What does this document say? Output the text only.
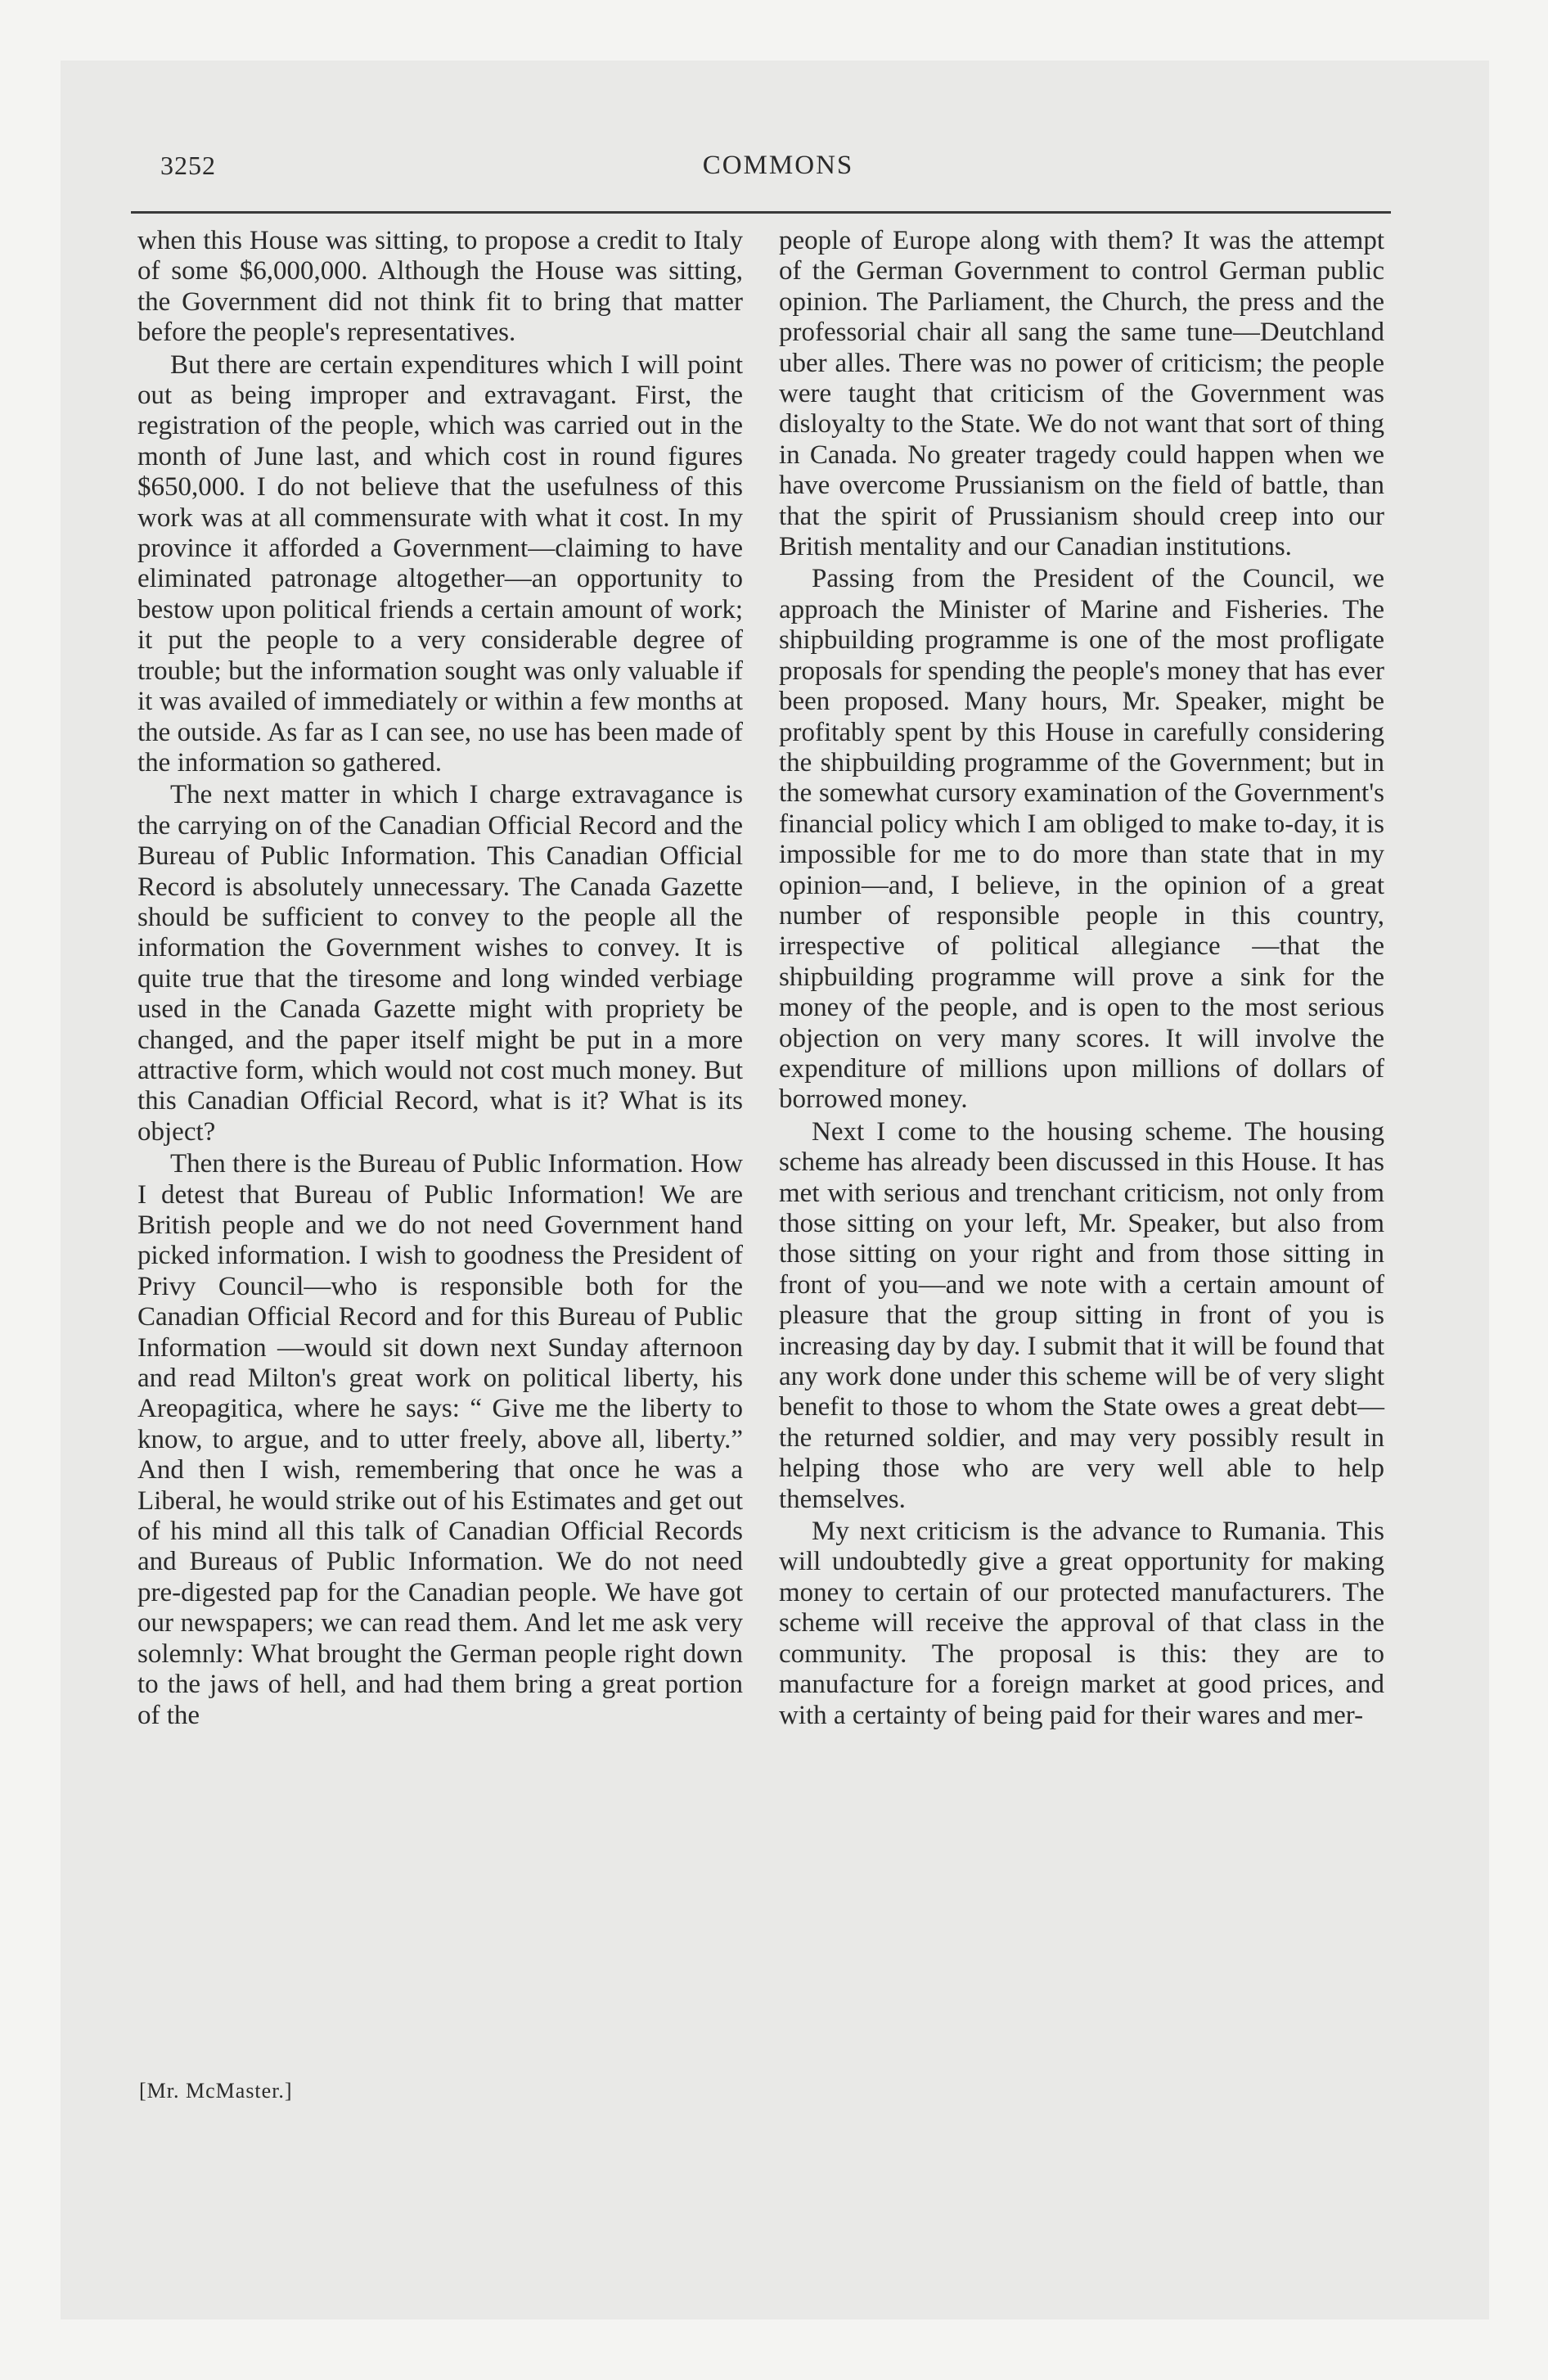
3252	COMMONS

when this House was sitting, to propose a credit to Italy of some $6,000,000. Although the House was sitting, the Government did not think fit to bring that matter before the people's representatives.

But there are certain expenditures which I will point out as being improper and extravagant. First, the registration of the people, which was carried out in the month of June last, and which cost in round figures $650,000. I do not believe that the usefulness of this work was at all commensurate with what it cost. In my province it afforded a Government—claiming to have eliminated patronage altogether—an opportunity to bestow upon political friends a certain amount of work; it put the people to a very considerable degree of trouble; but the information sought was only valuable if it was availed of immediately or within a few months at the outside. As far as I can see, no use has been made of the information so gathered.

The next matter in which I charge extravagance is the carrying on of the Canadian Official Record and the Bureau of Public Information. This Canadian Official Record is absolutely unnecessary. The Canada Gazette should be sufficient to convey to the people all the information the Government wishes to convey. It is quite true that the tiresome and long winded verbiage used in the Canada Gazette might with propriety be changed, and the paper itself might be put in a more attractive form, which would not cost much money. But this Canadian Official Record, what is it? What is its object?

Then there is the Bureau of Public Information. How I detest that Bureau of Public Information! We are British people and we do not need Government hand picked information. I wish to goodness the President of Privy Council—who is responsible both for the Canadian Official Record and for this Bureau of Public Information —would sit down next Sunday afternoon and read Milton's great work on political liberty, his Areopagitica, where he says: “ Give me the liberty to know, to argue, and to utter freely, above all, liberty.” And then I wish, remembering that once he was a Liberal, he would strike out of his Estimates and get out of his mind all this talk of Canadian Official Records and Bureaus of Public Information. We do not need pre-digested pap for the Canadian people. We have got our newspapers; we can read them. And let me ask very solemnly: What brought the German people right down to the jaws of hell, and had them bring a great portion of the

people of Europe along with them? It was the attempt of the German Government to control German public opinion. The Parliament, the Church, the press and the professorial chair all sang the same tune—Deutchland uber alles. There was no power of criticism; the people were taught that criticism of the Government was disloyalty to the State. We do not want that sort of thing in Canada. No greater tragedy could happen when we have overcome Prussianism on the field of battle, than that the spirit of Prussianism should creep into our British mentality and our Canadian institutions.

Passing from the President of the Council, we approach the Minister of Marine and Fisheries. The shipbuilding programme is one of the most profligate proposals for spending the people's money that has ever been proposed. Many hours, Mr. Speaker, might be profitably spent by this House in carefully considering the shipbuilding programme of the Government; but in the somewhat cursory examination of the Government's financial policy which I am obliged to make to-day, it is impossible for me to do more than state that in my opinion—and, I believe, in the opinion of a great number of responsible people in this country, irrespective of political allegiance —that the shipbuilding programme will prove a sink for the money of the people, and is open to the most serious objection on very many scores. It will involve the expenditure of millions upon millions of dollars of borrowed money.

Next I come to the housing scheme. The housing scheme has already been discussed in this House. It has met with serious and trenchant criticism, not only from those sitting on your left, Mr. Speaker, but also from those sitting on your right and from those sitting in front of you—and we note with a certain amount of pleasure that the group sitting in front of you is increasing day by day. I submit that it will be found that any work done under this scheme will be of very slight benefit to those to whom the State owes a great debt—the returned soldier, and may very possibly result in helping those who are very well able to help themselves.

My next criticism is the advance to Rumania. This will undoubtedly give a great opportunity for making money to certain of our protected manufacturers. The scheme will receive the approval of that class in the community. The proposal is this: they are to manufacture for a foreign market at good prices, and with a certainty of being paid for their wares and mer-

[Mr. McMaster.]
